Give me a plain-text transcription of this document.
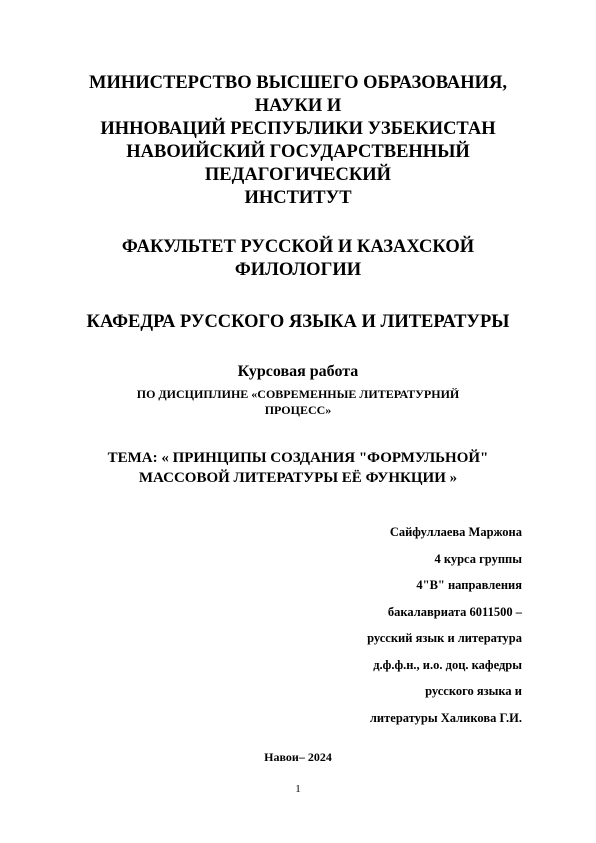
МИНИСТЕРСТВО ВЫСШЕГО ОБРАЗОВАНИЯ,
НАУКИ И
ИННОВАЦИЙ РЕСПУБЛИКИ УЗБЕКИСТАН
НАВОИЙСКИЙ ГОСУДАРСТВЕННЫЙ
ПЕДАГОГИЧЕСКИЙ
ИНСТИТУТ
ФАКУЛЬТЕТ РУССКОЙ И КАЗАХСКОЙ
ФИЛОЛОГИИ
КАФЕДРА РУССКОГО ЯЗЫКА И ЛИТЕРАТУРЫ
Курсовая работа
ПО ДИСЦИПЛИНЕ «СОВРЕМЕННЫЕ ЛИТЕРАТУРНИЙ
ПРОЦЕСС»
ТЕМА: « ПРИНЦИПЫ СОЗДАНИЯ "ФОРМУЛЬНОЙ"
МАССОВОЙ ЛИТЕРАТУРЫ ЕЁ ФУНКЦИИ »
Сайфуллаева Маржона
4 курса группы
4"В" направления
бакалавриата 6011500 –
русский язык и литература
д.ф.ф.н., и.о. доц. кафедры
русского языка и
литературы Халикова Г.И.
Навои– 2024
1
